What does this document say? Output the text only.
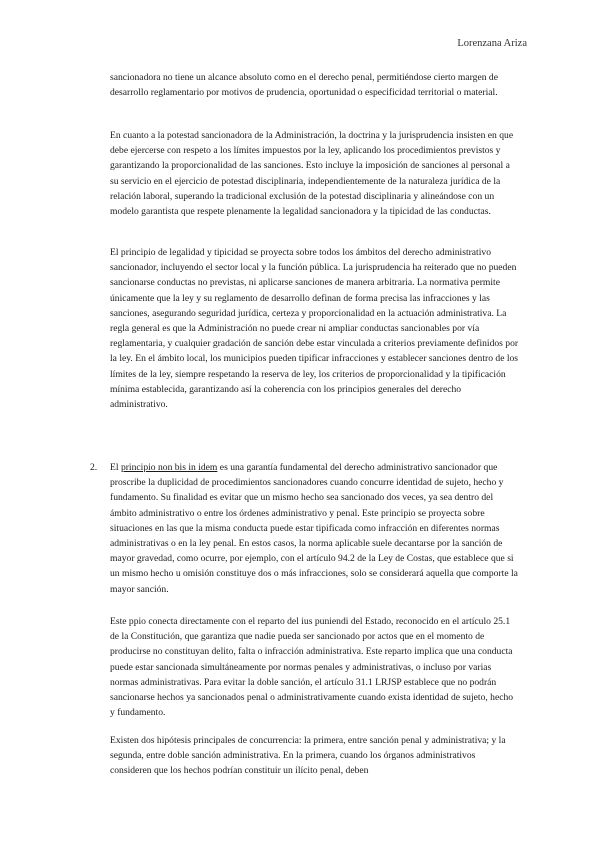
Lorenzana Ariza

sancionadora no tiene un alcance absoluto como en el derecho penal, permitiéndose cierto margen de desarrollo reglamentario por motivos de prudencia, oportunidad o especificidad territorial o material.

En cuanto a la potestad sancionadora de la Administración, la doctrina y la jurisprudencia insisten en que debe ejercerse con respeto a los límites impuestos por la ley, aplicando los procedimientos previstos y garantizando la proporcionalidad de las sanciones. Esto incluye la imposición de sanciones al personal a su servicio en el ejercicio de potestad disciplinaria, independientemente de la naturaleza jurídica de la relación laboral, superando la tradicional exclusión de la potestad disciplinaria y alineándose con un modelo garantista que respete plenamente la legalidad sancionadora y la tipicidad de las conductas.

El principio de legalidad y tipicidad se proyecta sobre todos los ámbitos del derecho administrativo sancionador, incluyendo el sector local y la función pública. La jurisprudencia ha reiterado que no pueden sancionarse conductas no previstas, ni aplicarse sanciones de manera arbitraria. La normativa permite únicamente que la ley y su reglamento de desarrollo definan de forma precisa las infracciones y las sanciones, asegurando seguridad jurídica, certeza y proporcionalidad en la actuación administrativa. La regla general es que la Administración no puede crear ni ampliar conductas sancionables por vía reglamentaria, y cualquier gradación de sanción debe estar vinculada a criterios previamente definidos por la ley. En el ámbito local, los municipios pueden tipificar infracciones y establecer sanciones dentro de los límites de la ley, siempre respetando la reserva de ley, los criterios de proporcionalidad y la tipificación mínima establecida, garantizando así la coherencia con los principios generales del derecho administrativo.

2. El principio non bis in idem es una garantía fundamental del derecho administrativo sancionador que proscribe la duplicidad de procedimientos sancionadores cuando concurre identidad de sujeto, hecho y fundamento. Su finalidad es evitar que un mismo hecho sea sancionado dos veces, ya sea dentro del ámbito administrativo o entre los órdenes administrativo y penal. Este principio se proyecta sobre situaciones en las que la misma conducta puede estar tipificada como infracción en diferentes normas administrativas o en la ley penal. En estos casos, la norma aplicable suele decantarse por la sanción de mayor gravedad, como ocurre, por ejemplo, con el artículo 94.2 de la Ley de Costas, que establece que si un mismo hecho u omisión constituye dos o más infracciones, solo se considerará aquella que comporte la mayor sanción.

Este ppio conecta directamente con el reparto del ius puniendi del Estado, reconocido en el artículo 25.1 de la Constitución, que garantiza que nadie pueda ser sancionado por actos que en el momento de producirse no constituyan delito, falta o infracción administrativa. Este reparto implica que una conducta puede estar sancionada simultáneamente por normas penales y administrativas, o incluso por varias normas administrativas. Para evitar la doble sanción, el artículo 31.1 LRJSP establece que no podrán sancionarse hechos ya sancionados penal o administrativamente cuando exista identidad de sujeto, hecho y fundamento.

Existen dos hipótesis principales de concurrencia: la primera, entre sanción penal y administrativa; y la segunda, entre doble sanción administrativa. En la primera, cuando los órganos administrativos consideren que los hechos podrían constituir un ilícito penal, deben
